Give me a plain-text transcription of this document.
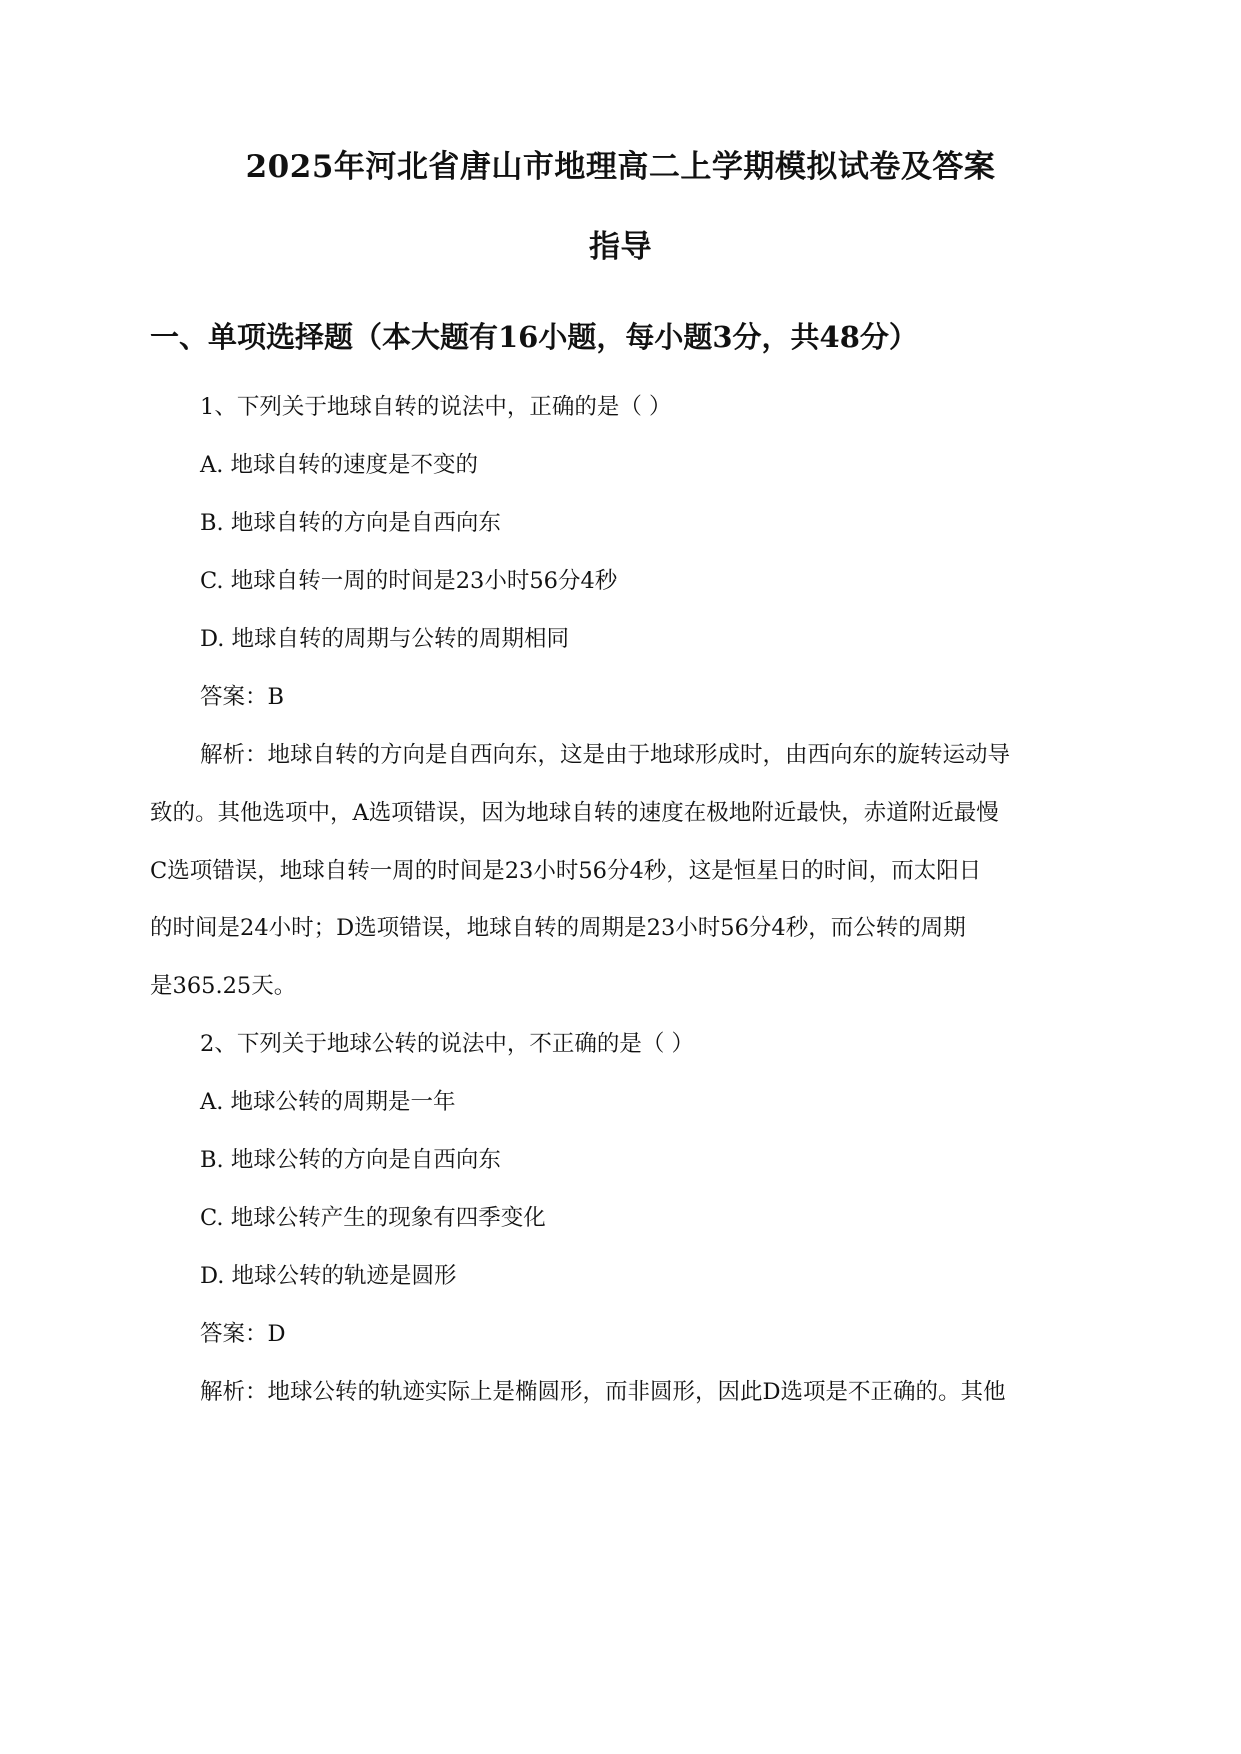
2025年河北省唐山市地理高二上学期模拟试卷及答案
指导
一、单项选择题（本大题有16小题，每小题3分，共48分）
1、下列关于地球自转的说法中，正确的是（ ）
A. 地球自转的速度是不变的
B. 地球自转的方向是自西向东
C. 地球自转一周的时间是23小时56分4秒
D. 地球自转的周期与公转的周期相同
答案：B
解析：地球自转的方向是自西向东，这是由于地球形成时，由西向东的旋转运动导
致的。其他选项中，A选项错误，因为地球自转的速度在极地附近最快，赤道附近最慢
C选项错误，地球自转一周的时间是23小时56分4秒，这是恒星日的时间，而太阳日
的时间是24小时；D选项错误，地球自转的周期是23小时56分4秒，而公转的周期
是365.25天。
2、下列关于地球公转的说法中，不正确的是（ ）
A. 地球公转的周期是一年
B. 地球公转的方向是自西向东
C. 地球公转产生的现象有四季变化
D. 地球公转的轨迹是圆形
答案：D
解析：地球公转的轨迹实际上是椭圆形，而非圆形，因此D选项是不正确的。其他
